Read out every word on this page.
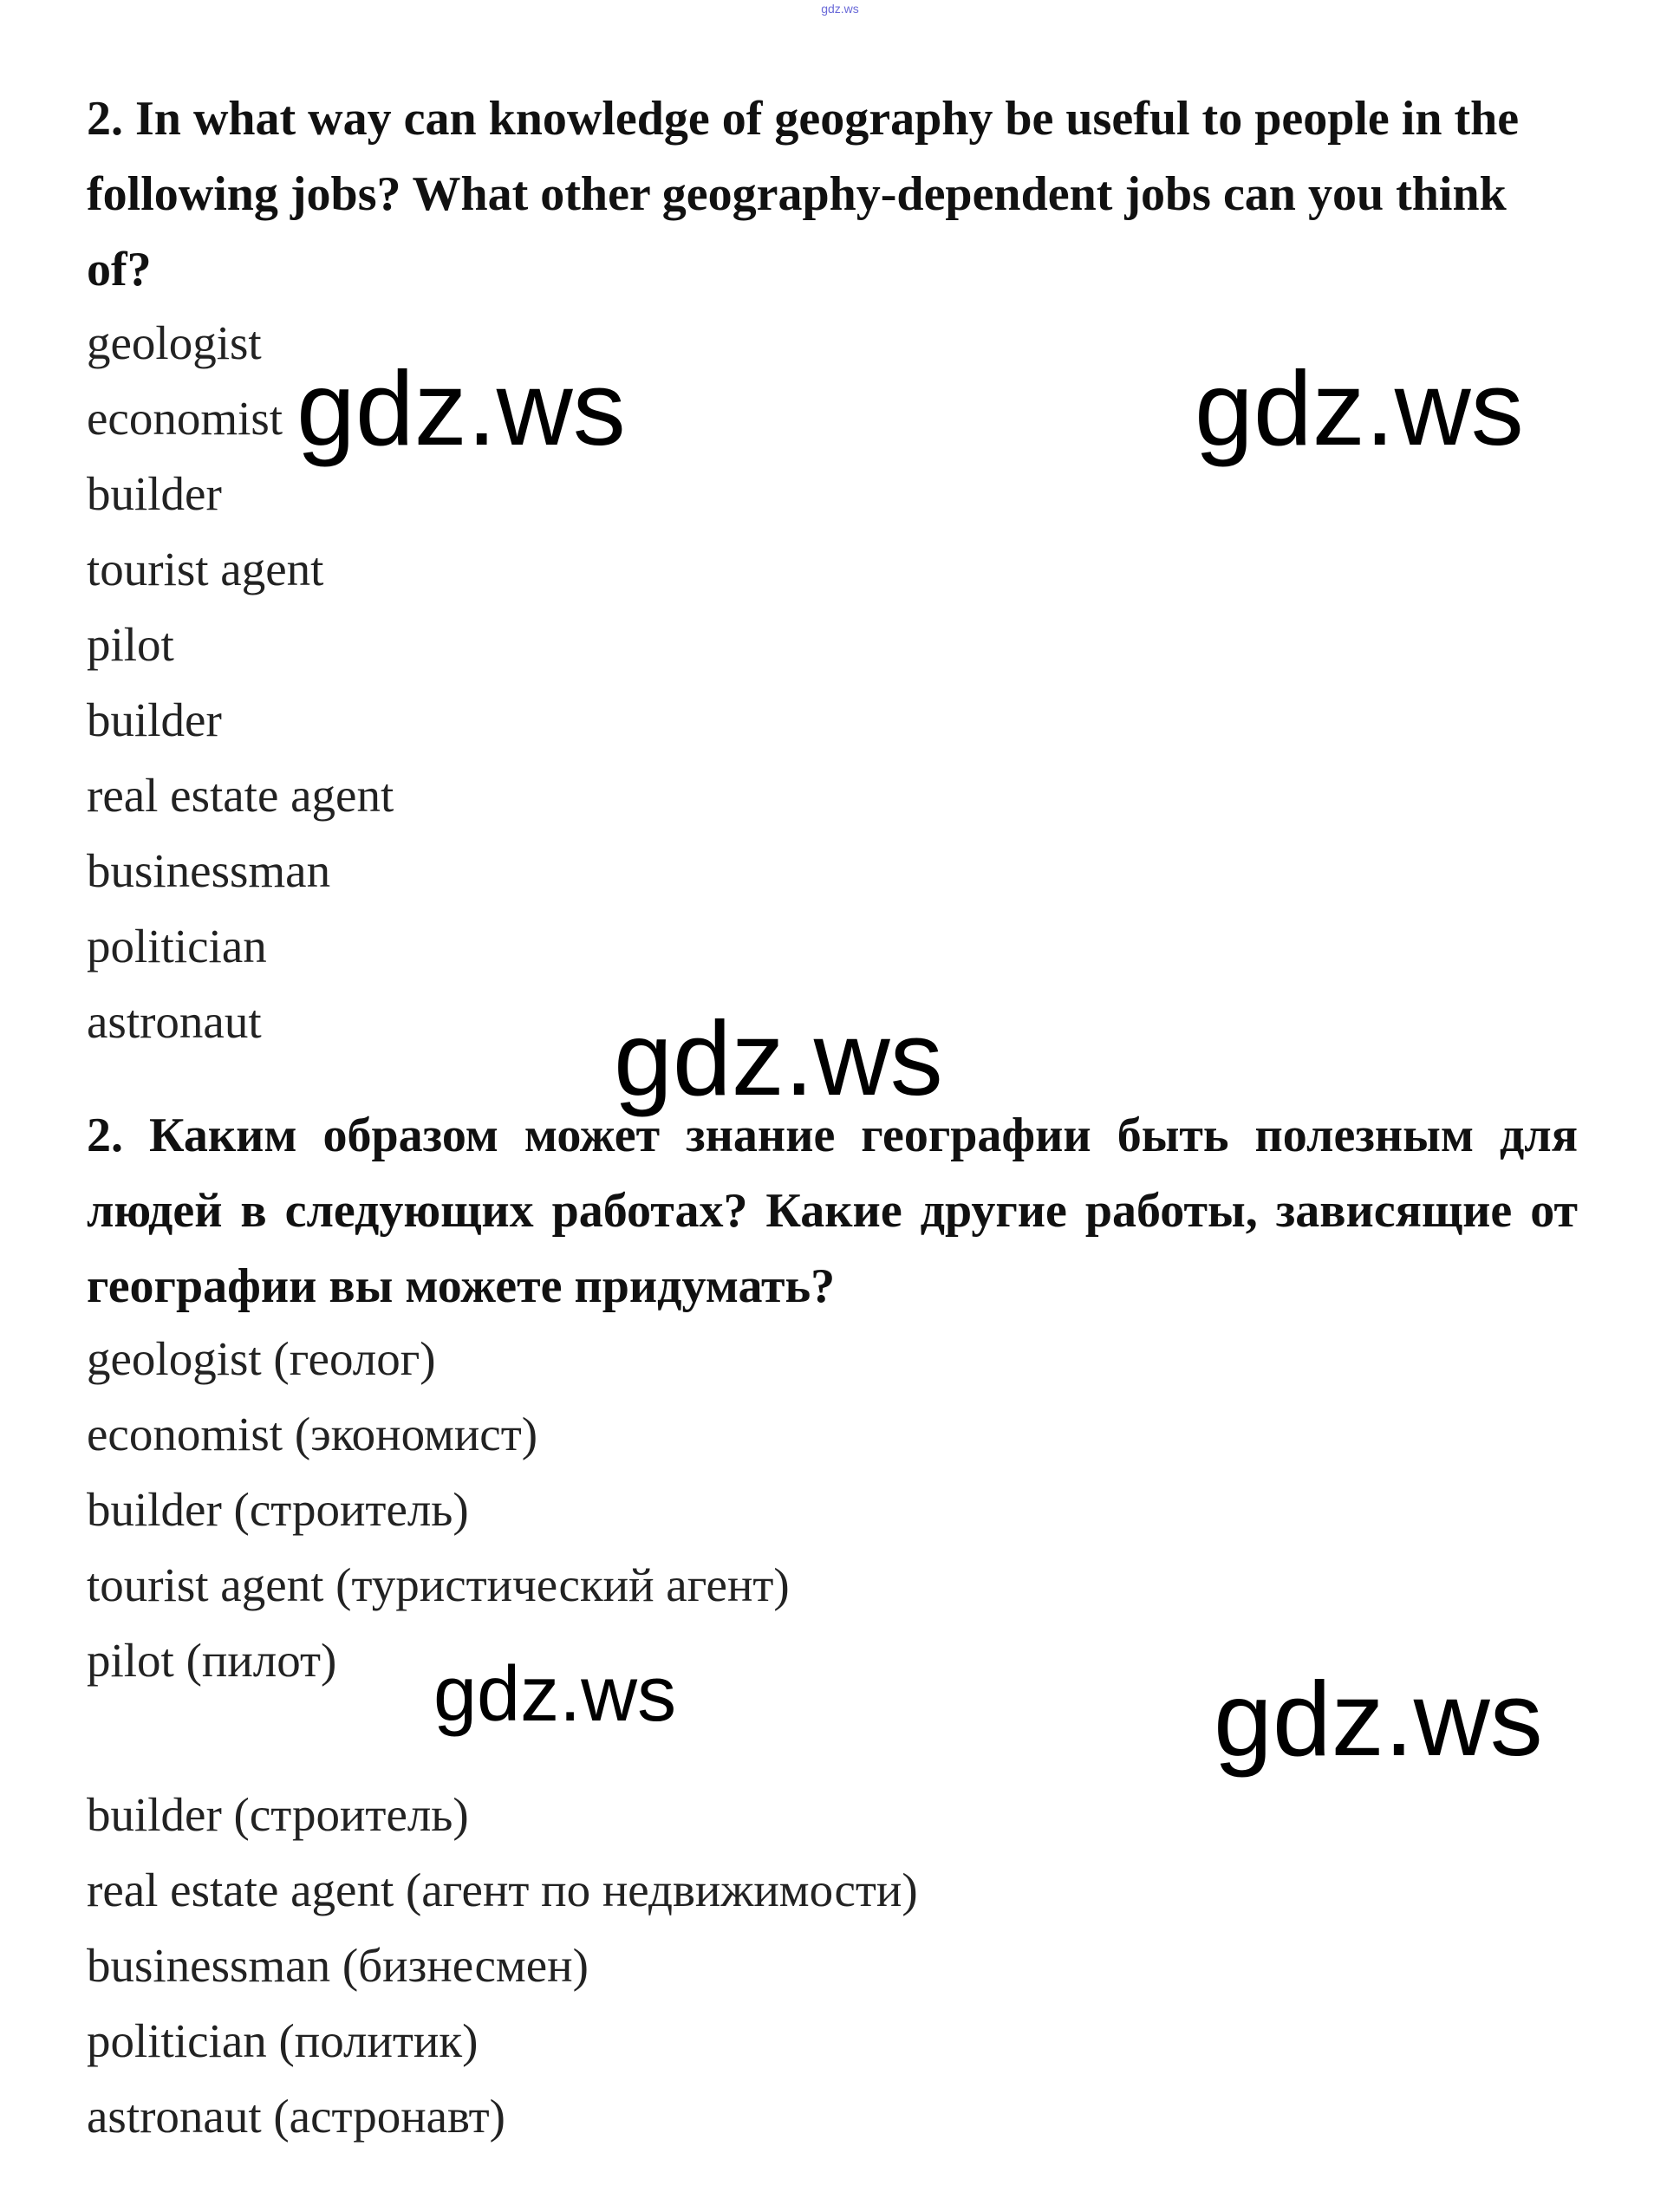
gdz.ws

2. In what way can knowledge of geography be useful to people in the following jobs? What other geography-dependent jobs can you think of?

geologist
economist
builder
tourist agent
pilot
builder
real estate agent
businessman
politician
astronaut

2. Каким образом может знание географии быть полезным для людей в следующих работах? Какие другие работы, зависящие от географии вы можете придумать?

geologist (геолог)
economist (экономист)
builder (строитель)
tourist agent (туристический агент)
pilot (пилот)
builder (строитель)
real estate agent (агент по недвижимости)
businessman (бизнесмен)
politician (политик)
astronaut (астронавт)
gdz.ws	gdz.ws
gdz.ws
gdz.ws	gdz.ws
